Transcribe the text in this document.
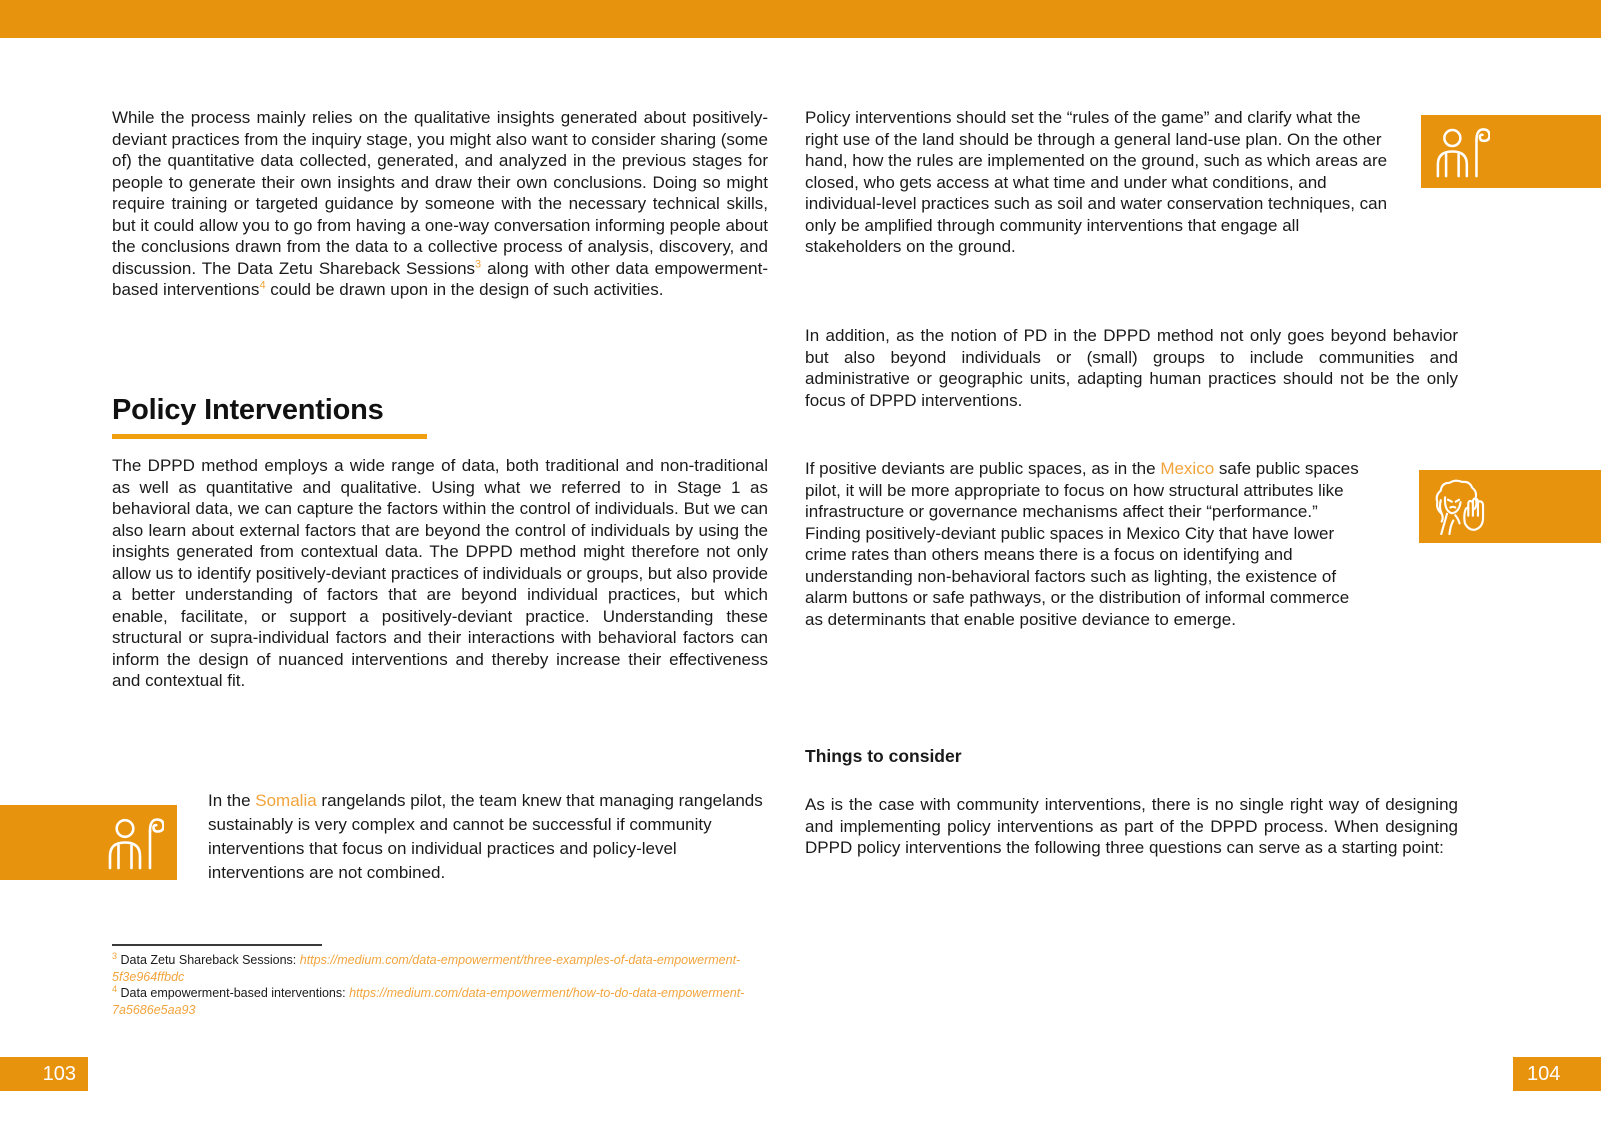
While the process mainly relies on the qualitative insights generated about positively-deviant practices from the inquiry stage, you might also want to consider sharing (some of) the quantitative data collected, generated, and analyzed in the previous stages for people to generate their own insights and draw their own conclusions. Doing so might require training or targeted guidance by someone with the necessary technical skills, but it could allow you to go from having a one-way conversation informing people about the conclusions drawn from the data to a collective process of analysis, discovery, and discussion. The Data Zetu Shareback Sessions$^3$ along with other data empowerment-based interventions$^4$ could be drawn upon in the design of such activities.

Policy Interventions

The DPPD method employs a wide range of data, both traditional and non-traditional as well as quantitative and qualitative. Using what we referred to in Stage 1 as behavioral data, we can capture the factors within the control of individuals. But we can also learn about external factors that are beyond the control of individuals by using the insights generated from contextual data. The DPPD method might therefore not only allow us to identify positively-deviant practices of individuals or groups, but also provide a better understanding of factors that are beyond individual practices, but which enable, facilitate, or support a positively-deviant practice. Understanding these structural or supra-individual factors and their interactions with behavioral factors can inform the design of nuanced interventions and thereby increase their effectiveness and contextual fit.

In the Somalia rangelands pilot, the team knew that managing rangelands sustainably is very complex and cannot be successful if community interventions that focus on individual practices and policy-level interventions are not combined.

$^3$ Data Zetu Shareback Sessions: https://medium.com/data-empowerment/three-examples-of-data-empowerment-5f3e964ffbdc

$^4$ Data empowerment-based interventions: https://medium.com/data-empowerment/how-to-do-data-empowerment-7a5686e5aa93

103

Policy interventions should set the “rules of the game” and clarify what the right use of the land should be through a general land-use plan. On the other hand, how the rules are implemented on the ground, such as which areas are closed, who gets access at what time and under what conditions, and individual-level practices such as soil and water conservation techniques, can only be amplified through community interventions that engage all stakeholders on the ground.

In addition, as the notion of PD in the DPPD method not only goes beyond behavior but also beyond individuals or (small) groups to include communities and administrative or geographic units, adapting human practices should not be the only focus of DPPD interventions.

If positive deviants are public spaces, as in the Mexico safe public spaces pilot, it will be more appropriate to focus on how structural attributes like infrastructure or governance mechanisms affect their “performance.” Finding positively-deviant public spaces in Mexico City that have lower crime rates than others means there is a focus on identifying and understanding non-behavioral factors such as lighting, the existence of alarm buttons or safe pathways, or the distribution of informal commerce as determinants that enable positive deviance to emerge.

Things to consider

As is the case with community interventions, there is no single right way of designing and implementing policy interventions as part of the DPPD process. When designing DPPD policy interventions the following three questions can serve as a starting point:

104
